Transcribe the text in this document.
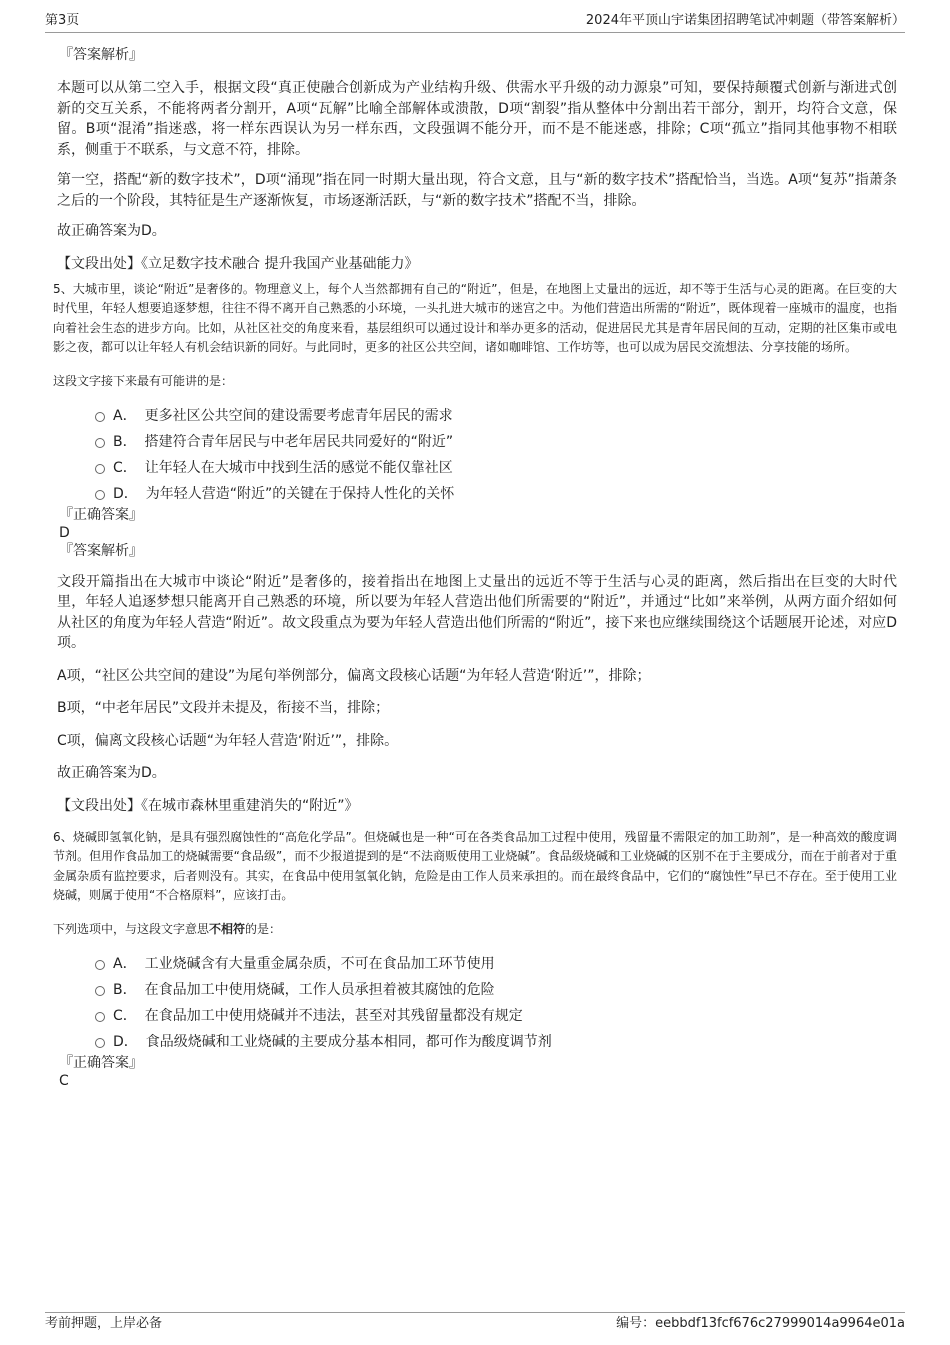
第3页	2024年平顶山宇诺集团招聘笔试冲刺题（带答案解析）
『答案解析』

本题可以从第二空入手，根据文段“真正使融合创新成为产业结构升级、供需水平升级的动力源泉”可知，要保持颠覆式创新与渐进式创新的交互关系，不能将两者分割开，A项“瓦解”比喻全部解体或溃散，D项“割裂”指从整体中分割出若干部分，割开，均符合文意，保留。B项“混淆”指迷惑，将一样东西误认为另一样东西，文段强调不能分开，而不是不能迷惑，排除；C项“孤立”指同其他事物不相联系，侧重于不联系，与文意不符，排除。

第一空，搭配“新的数字技术”，D项“涌现”指在同一时期大量出现，符合文意，且与“新的数字技术”搭配恰当，当选。A项“复苏”指萧条之后的一个阶段，其特征是生产逐渐恢复，市场逐渐活跃，与“新的数字技术”搭配不当，排除。

故正确答案为D。

【文段出处】《立足数字技术融合 提升我国产业基础能力》

5、大城市里，谈论“附近”是奢侈的。物理意义上，每个人当然都拥有自己的“附近”，但是，在地图上丈量出的远近，却不等于生活与心灵的距离。在巨变的大时代里，年轻人想要追逐梦想，往往不得不离开自己熟悉的小环境，一头扎进大城市的迷宫之中。为他们营造出所需的“附近”，既体现着一座城市的温度，也指向着社会生态的进步方向。比如，从社区社交的角度来看，基层组织可以通过设计和举办更多的活动，促进居民尤其是青年居民间的互动，定期的社区集市或电影之夜，都可以让年轻人有机会结识新的同好。与此同时，更多的社区公共空间，诸如咖啡馆、工作坊等，也可以成为居民交流想法、分享技能的场所。

这段文字接下来最有可能讲的是：

A． 更多社区公共空间的建设需要考虑青年居民的需求
B． 搭建符合青年居民与中老年居民共同爱好的“附近”
C． 让年轻人在大城市中找到生活的感觉不能仅靠社区
D． 为年轻人营造“附近”的关键在于保持人性化的关怀
『正确答案』
D
『答案解析』

文段开篇指出在大城市中谈论“附近”是奢侈的，接着指出在地图上丈量出的远近不等于生活与心灵的距离，然后指出在巨变的大时代里，年轻人追逐梦想只能离开自己熟悉的环境，所以要为年轻人营造出他们所需要的“附近”，并通过“比如”来举例，从两方面介绍如何从社区的角度为年轻人营造“附近”。故文段重点为要为年轻人营造出他们所需的“附近”，接下来也应继续围绕这个话题展开论述，对应D项。

A项，“社区公共空间的建设”为尾句举例部分，偏离文段核心话题“为年轻人营造‘附近’”，排除；

B项，“中老年居民”文段并未提及，衔接不当，排除；

C项，偏离文段核心话题“为年轻人营造‘附近’”，排除。

故正确答案为D。

【文段出处】《在城市森林里重建消失的“附近”》

6、烧碱即氢氧化钠，是具有强烈腐蚀性的“高危化学品”。但烧碱也是一种“可在各类食品加工过程中使用，残留量不需限定的加工助剂”，是一种高效的酸度调节剂。但用作食品加工的烧碱需要“食品级”，而不少报道提到的是“不法商贩使用工业烧碱”。食品级烧碱和工业烧碱的区别不在于主要成分，而在于前者对于重金属杂质有监控要求，后者则没有。其实，在食品中使用氢氧化钠，危险是由工作人员来承担的。而在最终食品中，它们的“腐蚀性”早已不存在。至于使用工业烧碱，则属于使用“不合格原料”，应该打击。

下列选项中，与这段文字意思不相符的是：

A． 工业烧碱含有大量重金属杂质，不可在食品加工环节使用
B． 在食品加工中使用烧碱，工作人员承担着被其腐蚀的危险
C． 在食品加工中使用烧碱并不违法，甚至对其残留量都没有规定
D． 食品级烧碱和工业烧碱的主要成分基本相同，都可作为酸度调节剂
『正确答案』
C
考前押题，上岸必备	编号：eebbdf13fcf676c27999014a9964e01a
